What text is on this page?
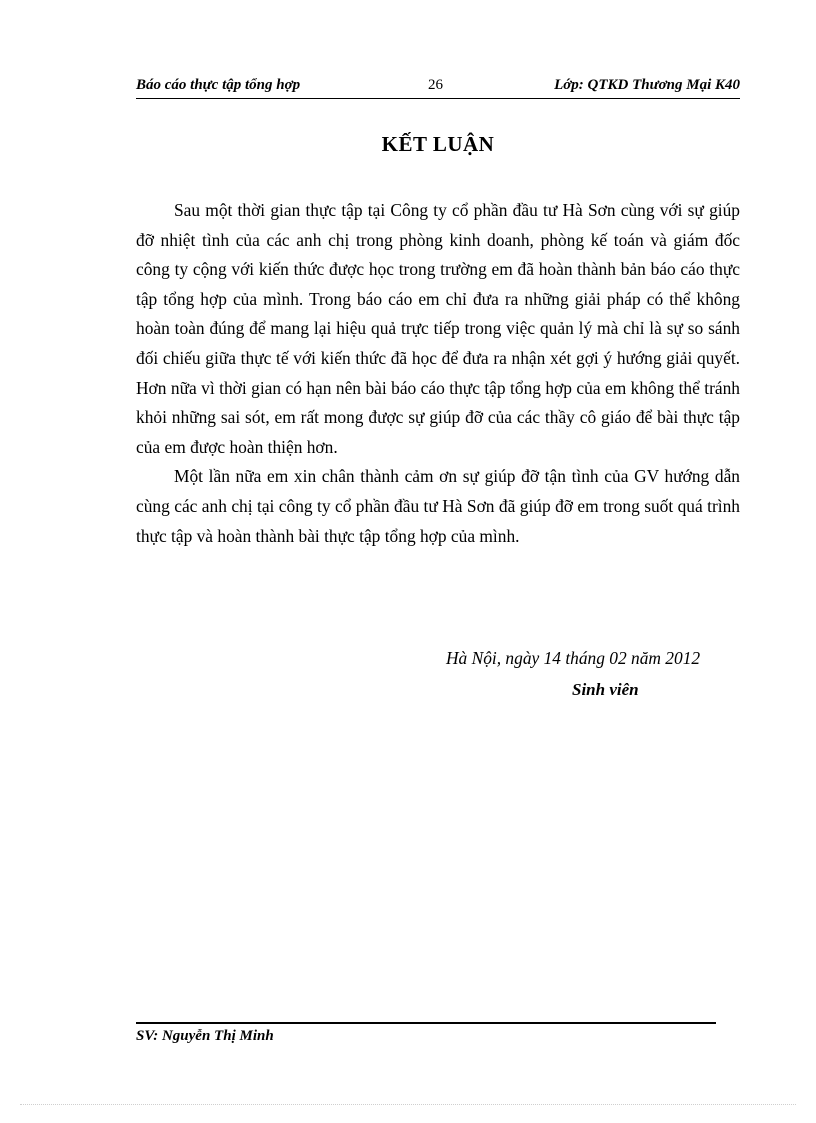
Báo cáo thực tập tổng hợp	26	Lớp: QTKD Thương Mại K40
KẾT LUẬN

Sau một thời gian thực tập tại Công ty cổ phần đầu tư Hà Sơn cùng với sự giúp đỡ nhiệt tình của các anh chị trong phòng kinh doanh, phòng kế toán và giám đốc công ty cộng với kiến thức được học trong trường em đã hoàn thành bản báo cáo thực tập tổng hợp của mình. Trong báo cáo em chỉ đưa ra những giải pháp có thể không hoàn toàn đúng để mang lại hiệu quả trực tiếp trong việc quản lý mà chỉ là sự so sánh đối chiếu giữa thực tế với kiến thức đã học để đưa ra nhận xét gợi ý hướng giải quyết. Hơn nữa vì thời gian có hạn nên bài báo cáo thực tập tổng hợp của em không thể tránh khỏi những sai sót, em rất mong được sự giúp đỡ của các thầy cô giáo để bài thực tập của em được hoàn thiện hơn.

Một lần nữa em xin chân thành cảm ơn sự giúp đỡ tận tình của GV hướng dẫn cùng các anh chị tại công ty cổ phần đầu tư Hà Sơn đã giúp đỡ em trong suốt quá trình thực tập và hoàn thành bài thực tập tổng hợp của mình.

Hà Nội, ngày 14 tháng 02 năm 2012
Sinh viên
SV: Nguyễn Thị Minh
